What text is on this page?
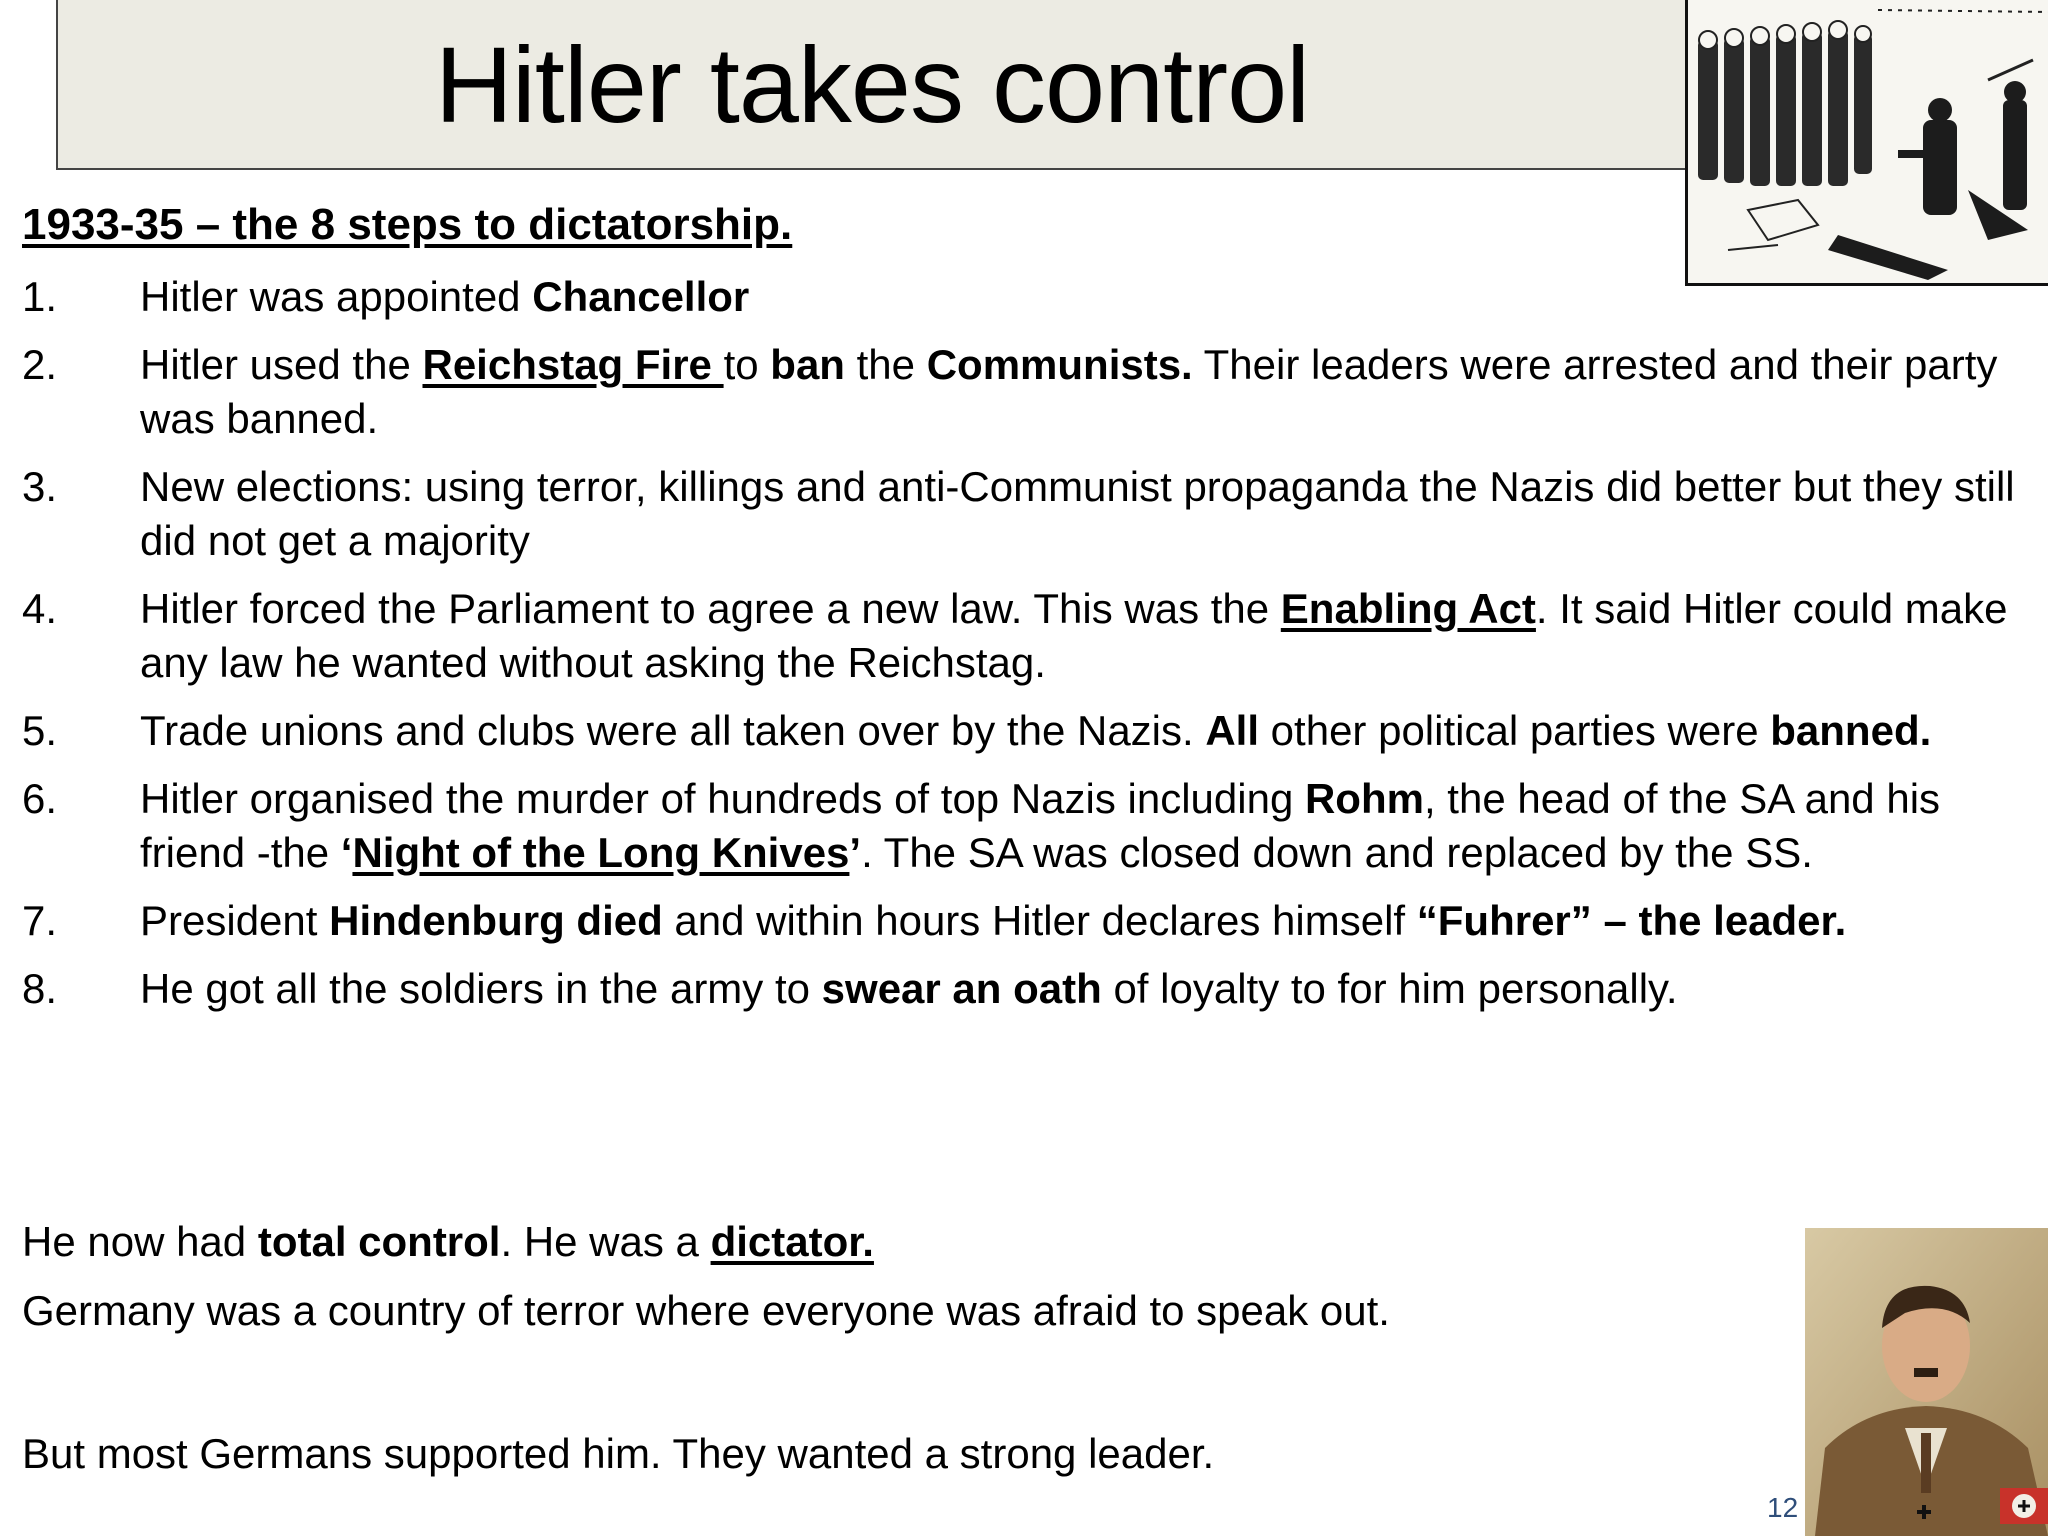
Hitler takes control

1933-35 – the 8 steps to dictatorship.

1.	Hitler was appointed Chancellor
2.	Hitler used the Reichstag Fire to ban the Communists. Their leaders were arrested and their party was banned.
3.	New elections: using terror, killings and anti-Communist propaganda the Nazis did better but they still did not get a majority
4.	Hitler forced the Parliament to agree a new law. This was the Enabling Act. It said Hitler could make any law he wanted without asking the Reichstag.
5.	Trade unions and clubs were all taken over by the Nazis. All other political parties were banned.
6.	Hitler organised the murder of hundreds of top Nazis including Rohm, the head of the SA and his friend -the ‘Night of the Long Knives’. The SA was closed down and replaced by the SS.
7.	President Hindenburg died and within hours Hitler declares himself “Fuhrer” – the leader.
8.	He got all the soldiers in the army to swear an oath of loyalty to for him personally.

He now had total control. He was a dictator.

Germany was a country of terror where everyone was afraid to speak out.

But most Germans supported him. They wanted a strong leader.

12
